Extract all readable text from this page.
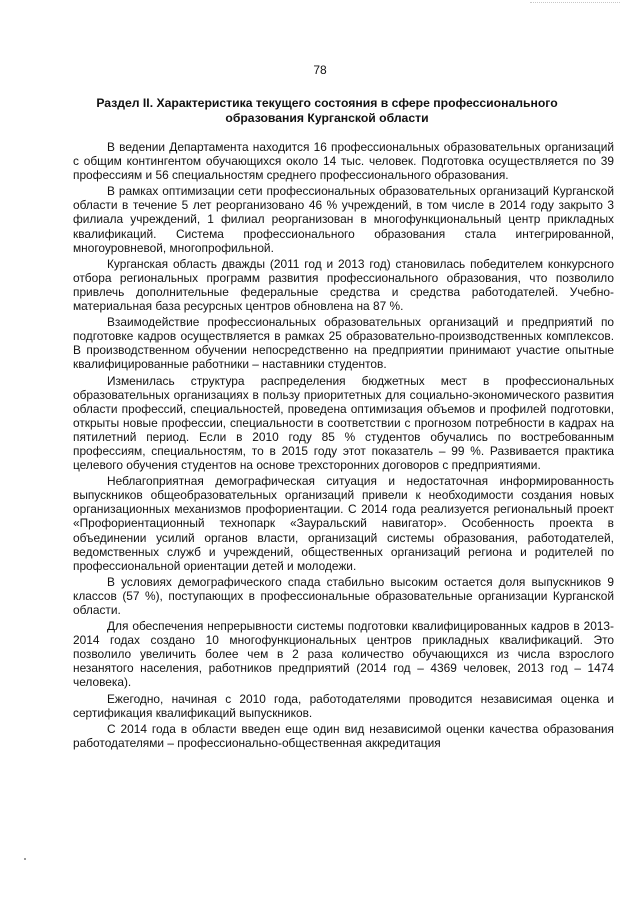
78
Раздел II. Характеристика текущего состояния в сфере профессионального образования Курганской области

В ведении Департамента находится 16 профессиональных образовательных организаций с общим контингентом обучающихся около 14 тыс. человек. Подготовка осуществляется по 39 профессиям и 56 специальностям среднего профессионального образования.

В рамках оптимизации сети профессиональных образовательных организаций Курганской области в течение 5 лет реорганизовано 46 % учреждений, в том числе в 2014 году закрыто 3 филиала учреждений, 1 филиал реорганизован в многофункциональный центр прикладных квалификаций. Система профессионального образования стала интегрированной, многоуровневой, многопрофильной.

Курганская область дважды (2011 год и 2013 год) становилась победителем конкурсного отбора региональных программ развития профессионального образования, что позволило привлечь дополнительные федеральные средства и средства работодателей. Учебно-материальная база ресурсных центров обновлена на 87 %.

Взаимодействие профессиональных образовательных организаций и предприятий по подготовке кадров осуществляется в рамках 25 образовательно-производственных комплексов. В производственном обучении непосредственно на предприятии принимают участие опытные квалифицированные работники – наставники студентов.

Изменилась структура распределения бюджетных мест в профессиональных образовательных организациях в пользу приоритетных для социально-экономического развития области профессий, специальностей, проведена оптимизация объемов и профилей подготовки, открыты новые профессии, специальности в соответствии с прогнозом потребности в кадрах на пятилетний период. Если в 2010 году 85 % студентов обучались по востребованным профессиям, специальностям, то в 2015 году этот показатель – 99 %. Развивается практика целевого обучения студентов на основе трехсторонних договоров с предприятиями.

Неблагоприятная демографическая ситуация и недостаточная информированность выпускников общеобразовательных организаций привели к необходимости создания новых организационных механизмов профориентации. С 2014 года реализуется региональный проект «Профориентационный технопарк «Зауральский навигатор». Особенность проекта в объединении усилий органов власти, организаций системы образования, работодателей, ведомственных служб и учреждений, общественных организаций региона и родителей по профессиональной ориентации детей и молодежи.

В условиях демографического спада стабильно высоким остается доля выпускников 9 классов (57 %), поступающих в профессиональные образовательные организации Курганской области.

Для обеспечения непрерывности системы подготовки квалифицированных кадров в 2013-2014 годах создано 10 многофункциональных центров прикладных квалификаций. Это позволило увеличить более чем в 2 раза количество обучающихся из числа взрослого незанятого населения, работников предприятий (2014 год – 4369 человек, 2013 год – 1474 человека).

Ежегодно, начиная с 2010 года, работодателями проводится независимая оценка и сертификация квалификаций выпускников.

С 2014 года в области введен еще один вид независимой оценки качества образования работодателями – профессионально-общественная аккредитация
